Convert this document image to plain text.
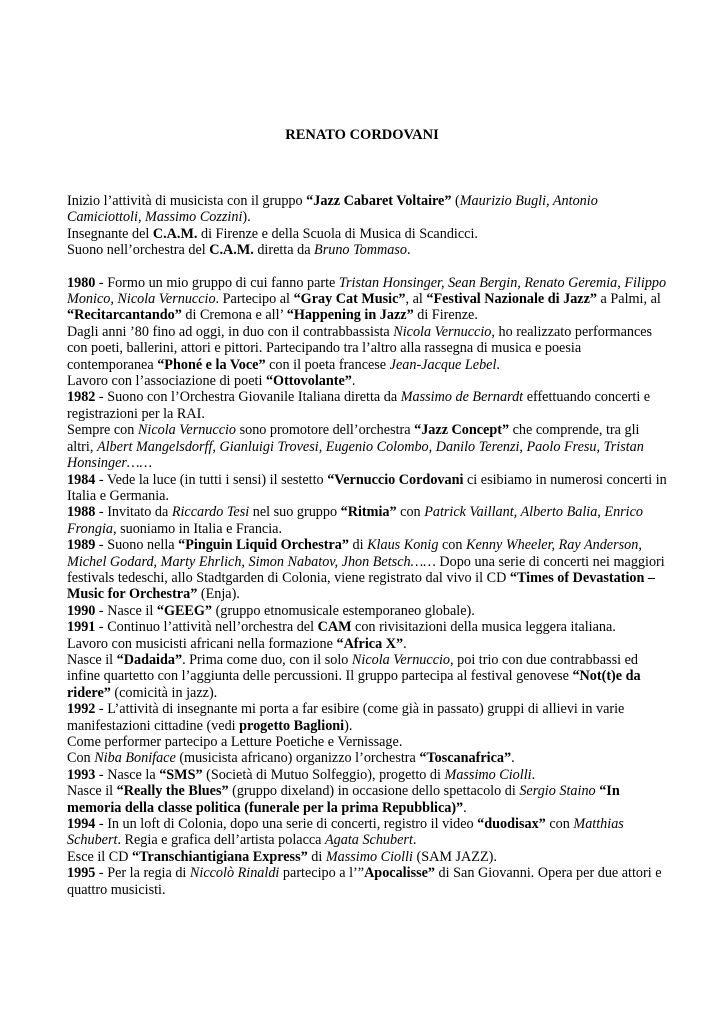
RENATO CORDOVANI

Inizio l’attività di musicista con il gruppo “Jazz Cabaret Voltaire” (Maurizio Bugli, Antonio Camiciottoli, Massimo Cozzini).

Insegnante del C.A.M. di Firenze e della Scuola di Musica di Scandicci.

Suono nell’orchestra del C.A.M. diretta da Bruno Tommaso.

1980 - Formo un mio gruppo di cui fanno parte Tristan Honsinger, Sean Bergin, Renato Geremia, Filippo Monico, Nicola Vernuccio. Partecipo al “Gray Cat Music”, al “Festival Nazionale di Jazz” a Palmi, al “Recitarcantando” di Cremona e all’ “Happening in Jazz” di Firenze.

Dagli anni ’80 fino ad oggi, in duo con il contrabbassista Nicola Vernuccio, ho realizzato performances con poeti, ballerini, attori e pittori. Partecipando tra l’altro alla rassegna di musica e poesia contemporanea “Phoné e la Voce” con il poeta francese Jean-Jacque Lebel.

Lavoro con l’associazione di poeti “Ottovolante”.

1982 - Suono con l’Orchestra Giovanile Italiana diretta da Massimo de Bernardt effettuando concerti e registrazioni per la RAI.

Sempre con Nicola Vernuccio sono promotore dell’orchestra “Jazz Concept” che comprende, tra gli altri, Albert Mangelsdorff, Gianluigi Trovesi, Eugenio Colombo, Danilo Terenzi, Paolo Fresu, Tristan Honsinger……

1984 - Vede la luce (in tutti i sensi) il sestetto “Vernuccio Cordovani ci esibiamo in numerosi concerti in Italia e Germania.

1988 - Invitato da Riccardo Tesi nel suo gruppo “Ritmia” con Patrick Vaillant, Alberto Balia, Enrico Frongia, suoniamo in Italia e Francia.

1989 - Suono nella “Pinguin Liquid Orchestra” di Klaus Konig con Kenny Wheeler, Ray Anderson, Michel Godard, Marty Ehrlich, Simon Nabatov, Jhon Betsch…… Dopo una serie di concerti nei maggiori festivals tedeschi, allo Stadtgarden di Colonia, viene registrato dal vivo il CD “Times of Devastation – Music for Orchestra” (Enja).

1990 - Nasce il “GEEG” (gruppo etnomusicale estemporaneo globale).

1991 - Continuo l’attività nell’orchestra del CAM con rivisitazioni della musica leggera italiana.

Lavoro con musicisti africani nella formazione “Africa X”.

Nasce il “Dadaida”. Prima come duo, con il solo Nicola Vernuccio, poi trio con due contrabbassi ed infine quartetto con l’aggiunta delle percussioni. Il gruppo partecipa al festival genovese “Not(t)e da ridere” (comicità in jazz).

1992 - L’attività di insegnante mi porta a far esibire (come già in passato) gruppi di allievi in varie manifestazioni cittadine (vedi progetto Baglioni).

Come performer partecipo a Letture Poetiche e Vernissage.

Con Niba Boniface (musicista africano) organizzo l’orchestra “Toscanafrica”.

1993 - Nasce la “SMS” (Società di Mutuo Solfeggio), progetto di Massimo Ciolli.

Nasce il “Really the Blues” (gruppo dixeland) in occasione dello spettacolo di Sergio Staino “In memoria della classe politica (funerale per la prima Repubblica)”.

1994 - In un loft di Colonia, dopo una serie di concerti, registro il video “duodisax” con Matthias Schubert. Regia e grafica dell’artista polacca Agata Schubert.

Esce il CD “Transchiantigiana Express” di Massimo Ciolli (SAM JAZZ).

1995 - Per la regia di Niccolò Rinaldi partecipo a l’”Apocalisse” di San Giovanni. Opera per due attori e quattro musicisti.
